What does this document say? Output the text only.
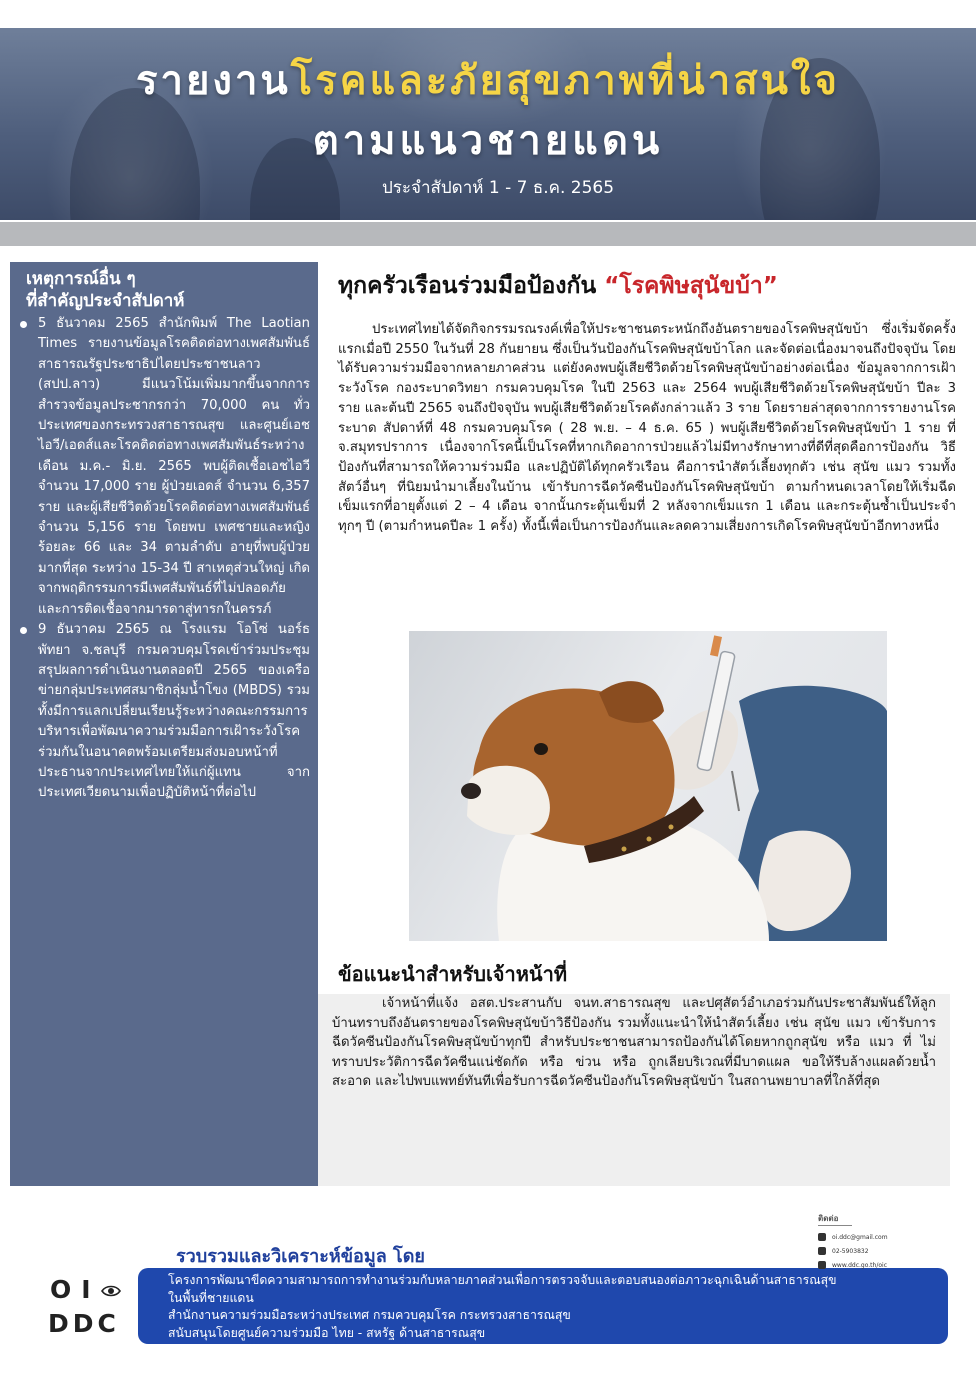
รายงานโรคและภัยสุขภาพที่น่าสนใจ
ตามแนวชายแดน
ประจำสัปดาห์ 1 - 7 ธ.ค. 2565
เหตุการณ์อื่น ๆ
ที่สำคัญประจำสัปดาห์
5 ธันวาคม 2565 สำนักพิมพ์ The Laotian Times รายงานข้อมูลโรคติดต่อทางเพศสัมพันธ์สาธารณรัฐประชาธิปไตยประชาชนลาว (สปป.ลาว) มีแนวโน้มเพิ่มมากขึ้นจากการสำรวจข้อมูลประชากรกว่า 70,000 คน ทั่วประเทศของกระทรวงสาธารณสุข และศูนย์เอชไอวี/เอดส์และโรคติดต่อทางเพศสัมพันธ์ระหว่าง เดือน ม.ค.- มิ.ย. 2565 พบผู้ติดเชื้อเอชไอวีจำนวน 17,000 ราย ผู้ป่วยเอดส์ จำนวน 6,357 ราย และผู้เสียชีวิตด้วยโรคติดต่อทางเพศสัมพันธ์ จำนวน 5,156 ราย โดยพบ เพศชายและหญิง ร้อยละ 66 และ 34 ตามลำดับ อายุที่พบผู้ป่วยมากที่สุด ระหว่าง 15-34 ปี สาเหตุส่วนใหญ่ เกิดจากพฤติกรรมการมีเพศสัมพันธ์ที่ไม่ปลอดภัย และการติดเชื้อจากมารดาสู่ทารกในครรภ์
9 ธันวาคม 2565 ณ โรงแรม โอโซ่ นอร์ธ พัทยา จ.ชลบุรี กรมควบคุมโรคเข้าร่วมประชุม สรุปผลการดำเนินงานตลอดปี 2565 ของเครือข่ายกลุ่มประเทศสมาชิกลุ่มน้ำโขง (MBDS) รวมทั้งมีการแลกเปลี่ยนเรียนรู้ระหว่างคณะกรรมการบริหารเพื่อพัฒนาความร่วมมือการเฝ้าระวังโรคร่วมกันในอนาคตพร้อมเตรียมส่งมอบหน้าที่ประธานจากประเทศไทยให้แก่ผู้แทน จากประเทศเวียดนามเพื่อปฏิบัติหน้าที่ต่อไป
ทุกครัวเรือนร่วมมือป้องกัน “โรคพิษสุนัขบ้า”
ประเทศไทยได้จัดกิจกรรมรณรงค์เพื่อให้ประชาชนตระหนักถึงอันตรายของโรคพิษสุนัขบ้า ซึ่งเริ่มจัดครั้งแรกเมื่อปี 2550 ในวันที่ 28 กันยายน ซึ่งเป็นวันป้องกันโรคพิษสุนัขบ้าโลก และจัดต่อเนื่องมาจนถึงปัจจุบัน โดยได้รับความร่วมมือจากหลายภาคส่วน แต่ยังคงพบผู้เสียชีวิตด้วยโรคพิษสุนัขบ้าอย่างต่อเนื่อง ข้อมูลจากการเฝ้าระวังโรค กองระบาดวิทยา กรมควบคุมโรค ในปี 2563 และ 2564 พบผู้เสียชีวิตด้วยโรคพิษสุนัขบ้า ปีละ 3 ราย และต้นปี 2565 จนถึงปัจจุบัน พบผู้เสียชีวิตด้วยโรคดังกล่าวแล้ว 3 ราย โดยรายล่าสุดจากการรายงานโรคระบาด สัปดาห์ที่ 48 กรมควบคุมโรค ( 28 พ.ย. – 4 ธ.ค. 65 ) พบผู้เสียชีวิตด้วยโรคพิษสุนัขบ้า 1 ราย ที่ จ.สมุทรปราการ เนื่องจากโรคนี้เป็นโรคที่หากเกิดอาการป่วยแล้วไม่มีทางรักษาทางที่ดีที่สุดคือการป้องกัน วิธีป้องกันที่สามารถให้ความร่วมมือ และปฏิบัติได้ทุกครัวเรือน คือการนำสัตว์เลี้ยงทุกตัว เช่น สุนัข แมว รวมทั้งสัตว์อื่นๆ ที่นิยมนำมาเลี้ยงในบ้าน เข้ารับการฉีดวัคซีนป้องกันโรคพิษสุนัขบ้า ตามกำหนดเวลาโดยให้เริ่มฉีดเข็มแรกที่อายุตั้งแต่ 2 – 4 เดือน จากนั้นกระตุ้นเข็มที่ 2 หลังจากเข็มแรก 1 เดือน และกระตุ้นซ้ำเป็นประจำ ทุกๆ ปี (ตามกำหนดปีละ 1 ครั้ง) ทั้งนี้เพื่อเป็นการป้องกันและลดความเสี่ยงการเกิดโรคพิษสุนัขบ้าอีกทางหนึ่ง
ข้อแนะนำสำหรับเจ้าหน้าที่
เจ้าหน้าที่แจ้ง อสต.ประสานกับ จนท.สาธารณสุข และปศุสัตว์อำเภอร่วมกันประชาสัมพันธ์ให้ลูกบ้านทราบถึงอันตรายของโรคพิษสุนัขบ้าวิธีป้องกัน รวมทั้งแนะนำให้นำสัตว์เลี้ยง เช่น สุนัข แมว เข้ารับการฉีดวัคซีนป้องกันโรคพิษสุนัขบ้าทุกปี สำหรับประชาชนสามารถป้องกันได้โดยหากถูกสุนัข หรือ แมว ที่ ไม่ทราบประวัติการฉีดวัคซีนแน่ชัดกัด หรือ ข่วน หรือ ถูกเลียบริเวณที่มีบาดแผล ขอให้รีบล้างแผลด้วยน้ำสะอาด และไปพบแพทย์ทันทีเพื่อรับการฉีดวัคซีนป้องกันโรคพิษสุนัขบ้า ในสถานพยาบาลที่ใกล้ที่สุด
รวบรวมและวิเคราะห์ข้อมูล โดย
OI
DDC
โครงการพัฒนาขีดความสามารถการทำงานร่วมกับหลายภาคส่วนเพื่อการตรวจจับและตอบสนองต่อภาวะฉุกเฉินด้านสาธารณสุข
ในพื้นที่ชายแดน
สำนักงานความร่วมมือระหว่างประเทศ กรมควบคุมโรค กระทรวงสาธารณสุข
สนับสนุนโดยศูนย์ความร่วมมือ ไทย - สหรัฐ ด้านสาธารณสุข
ติดต่อ
oi.ddc@gmail.com
02-5903832
www.ddc.go.th/oic
